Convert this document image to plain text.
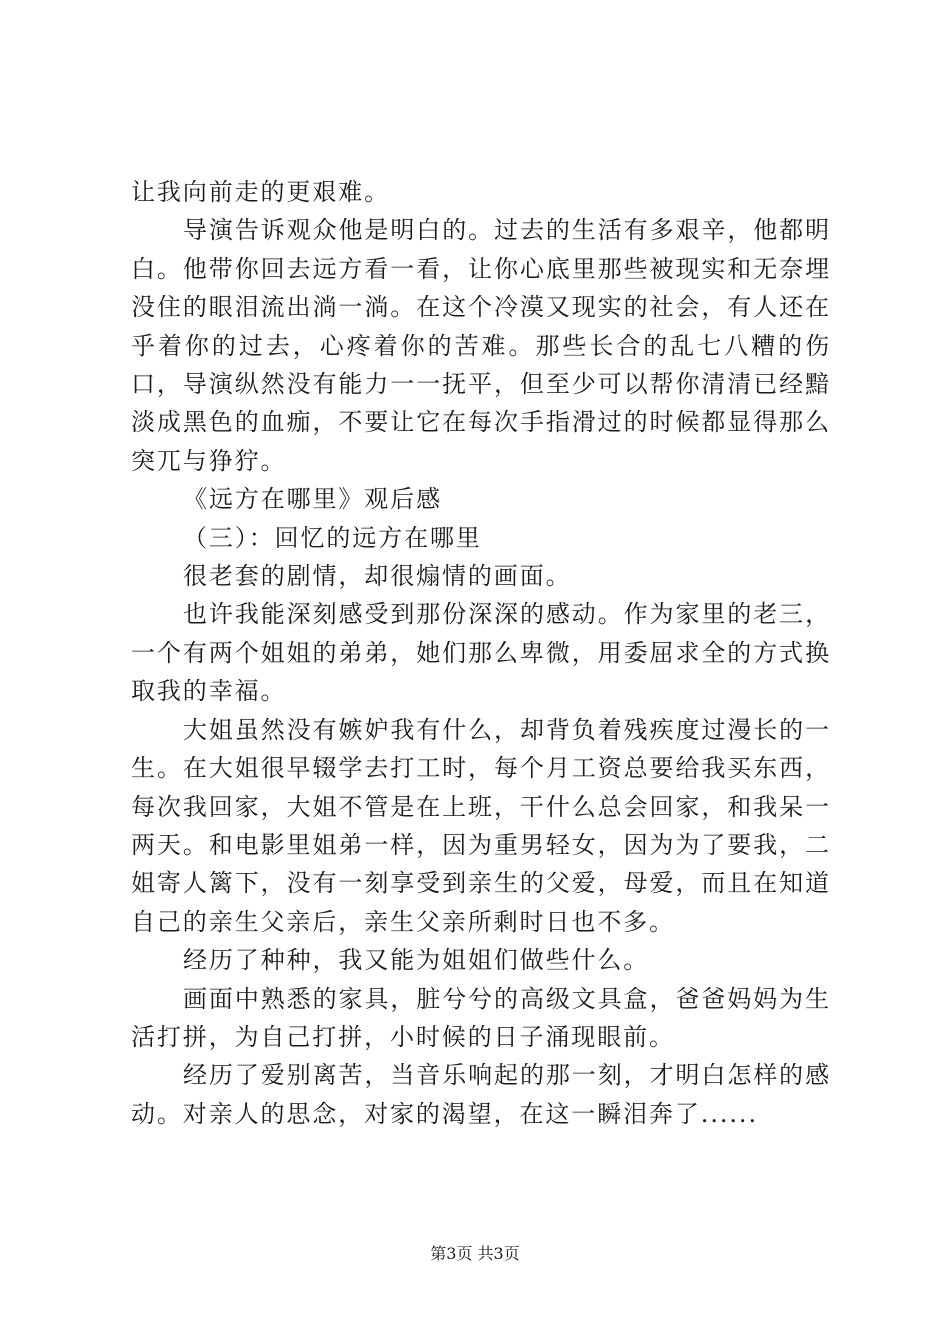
让我向前走的更艰难。

导演告诉观众他是明白的。过去的生活有多艰辛，他都明白。他带你回去远方看一看，让你心底里那些被现实和无奈埋没住的眼泪流出淌一淌。在这个冷漠又现实的社会，有人还在乎着你的过去，心疼着你的苦难。那些长合的乱七八糟的伤口，导演纵然没有能力一一抚平，但至少可以帮你清清已经黯淡成黑色的血痂，不要让它在每次手指滑过的时候都显得那么突兀与狰狞。

《远方在哪里》观后感

（三）：回忆的远方在哪里

很老套的剧情，却很煽情的画面。

也许我能深刻感受到那份深深的感动。作为家里的老三，一个有两个姐姐的弟弟，她们那么卑微，用委屈求全的方式换取我的幸福。

大姐虽然没有嫉妒我有什么，却背负着残疾度过漫长的一生。在大姐很早辍学去打工时，每个月工资总要给我买东西，每次我回家，大姐不管是在上班，干什么总会回家，和我呆一两天。和电影里姐弟一样，因为重男轻女，因为为了要我，二姐寄人篱下，没有一刻享受到亲生的父爱，母爱，而且在知道自己的亲生父亲后，亲生父亲所剩时日也不多。

经历了种种，我又能为姐姐们做些什么。

画面中熟悉的家具，脏兮兮的高级文具盒，爸爸妈妈为生活打拼，为自己打拼，小时候的日子涌现眼前。

经历了爱别离苦，当音乐响起的那一刻，才明白怎样的感动。对亲人的思念，对家的渴望，在这一瞬泪奔了......

第3页 共3页
